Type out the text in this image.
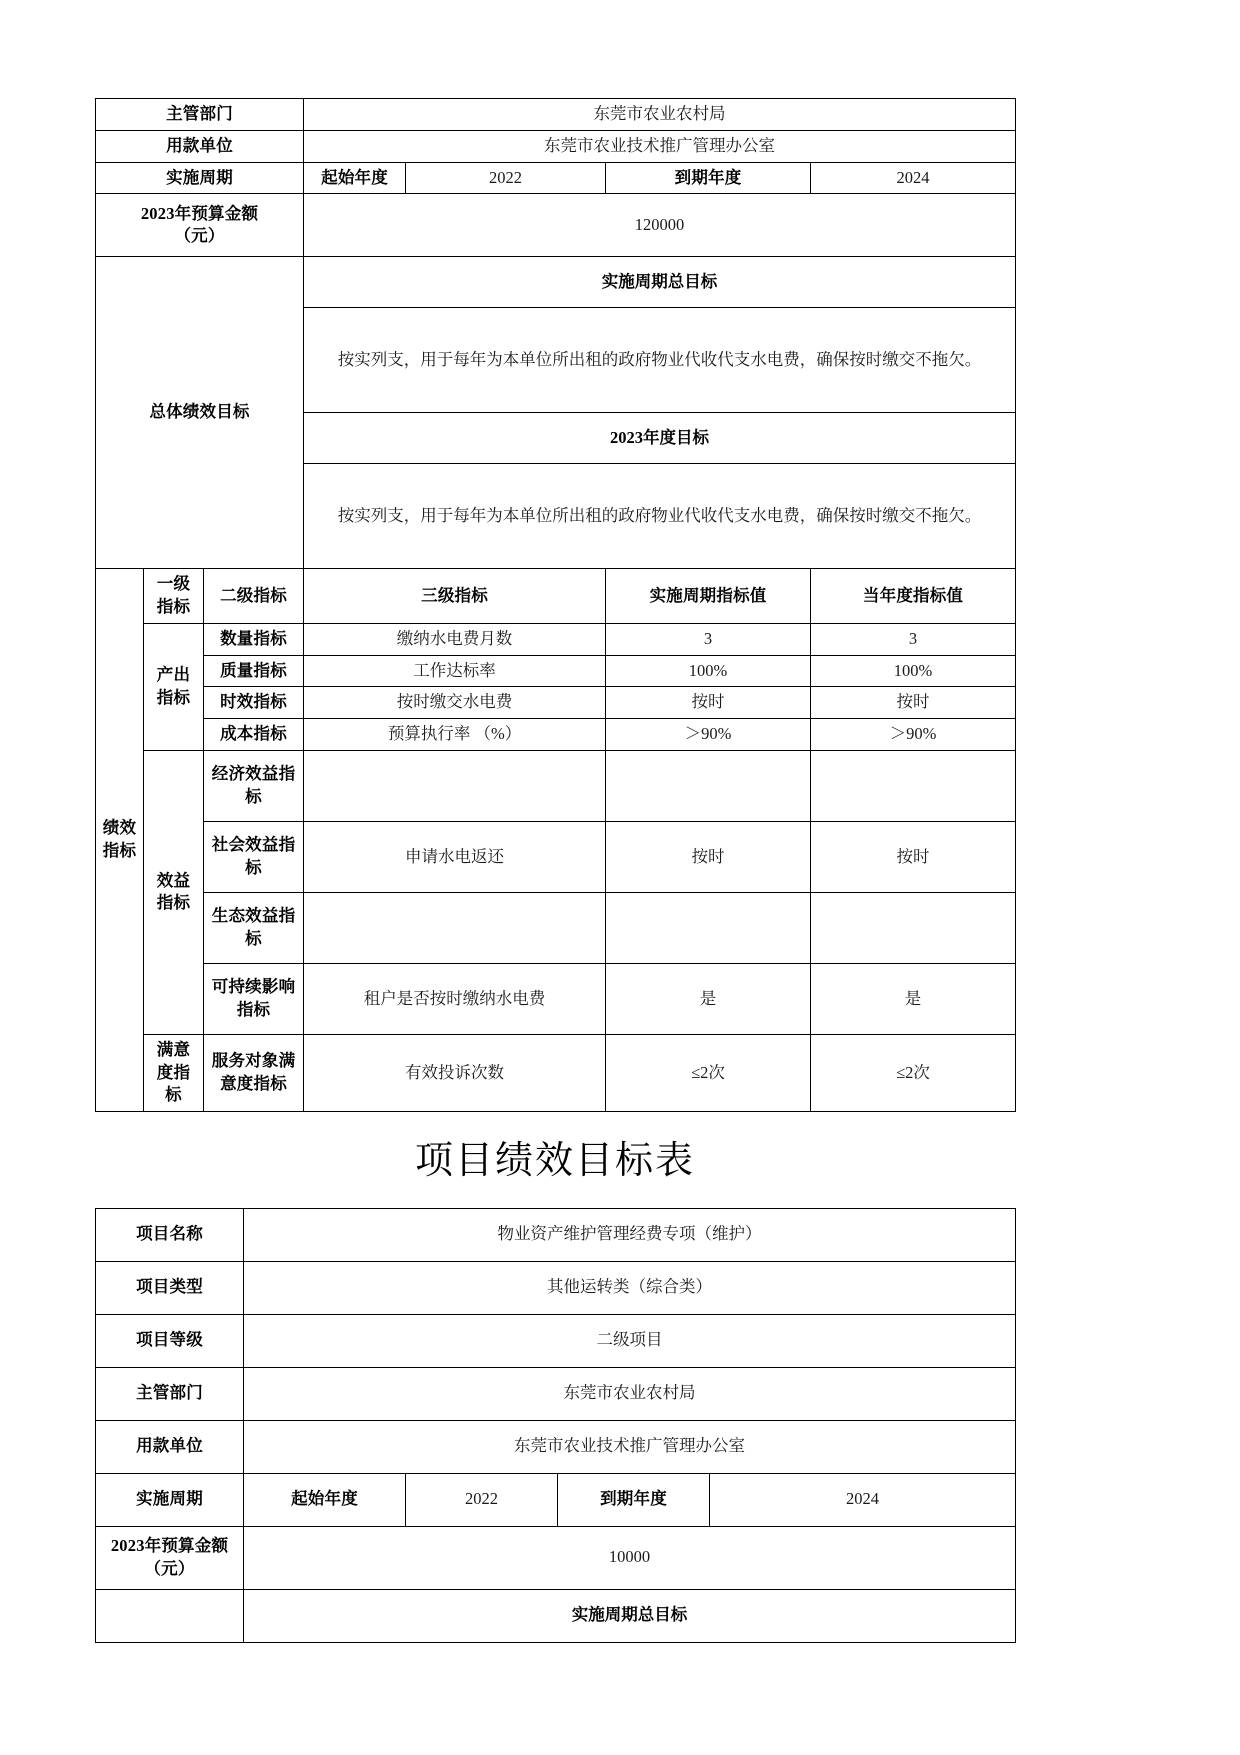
主管部门			东莞市农业农村局			
用款单位			东莞市农业技术推广管理办公室			
实施周期			起始年度	2022	到期年度	2024

2023年预算金额
（元）			120000			
总体绩效目标			实施周期总目标			
			按实列支，用于每年为本单位所出租的政府物业代收代支水电费，确保按时缴交不拖欠。			
			2023年度目标			
			按实列支，用于每年为本单位所出租的政府物业代收代支水电费，确保按时缴交不拖欠。			

绩效
指标	一级指标	二级指标	三级指标		实施周期指标值	当年度指标值
	产出指标	数量指标	缴纳水电费月数		3	3
		质量指标	工作达标率		100%	100%
		时效指标	按时缴交水电费		按时	按时
		成本指标	预算执行率 （%）		＞90%	＞90%
	效益指标	经济效益指标				
		社会效益指标	申请水电返还		按时	按时
		生态效益指标				
		可持续影响指标	租户是否按时缴纳水电费		是	是
	满意度指标	服务对象满意度指标	有效投诉次数		≤2次	≤2次
项目绩效目标表
项目名称	物业资产维护管理经费专项（维护）			
项目类型	其他运转类（综合类）			
项目等级	二级项目			
主管部门	东莞市农业农村局			
用款单位	东莞市农业技术推广管理办公室			
实施周期	起始年度	2022	到期年度	2024

2023年预算金额
（元）	10000			
	实施周期总目标			
